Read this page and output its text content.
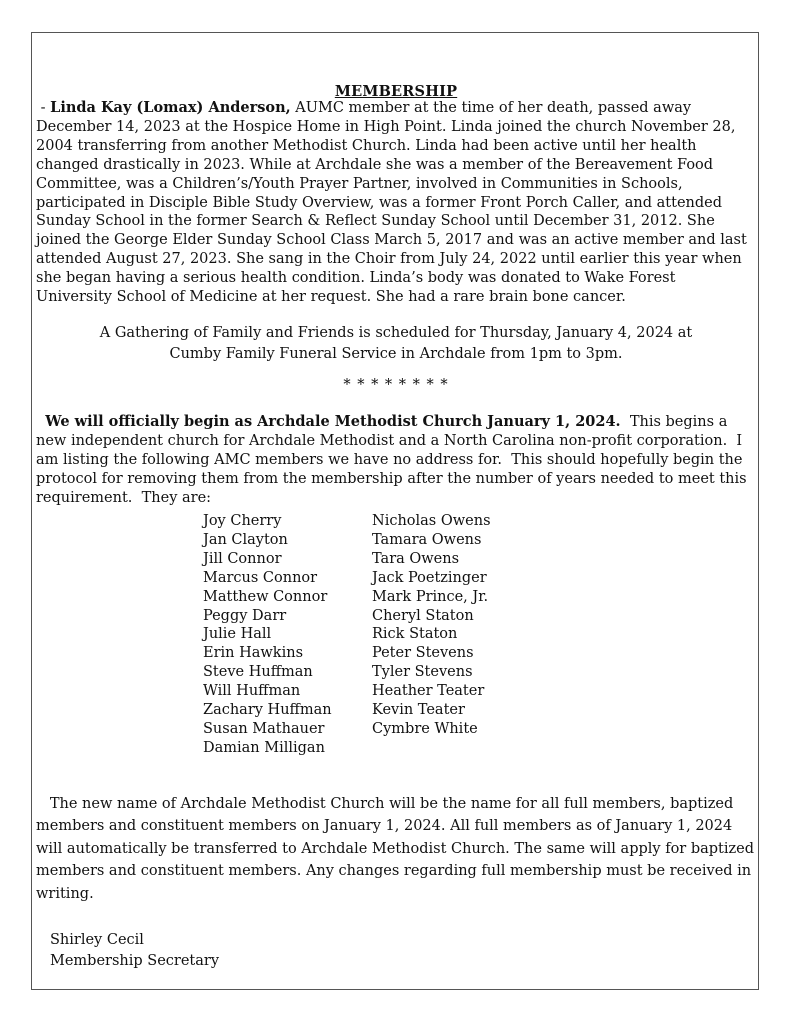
MEMBERSHIP

- Linda Kay (Lomax) Anderson, AUMC member at the time of her death, passed away December 14, 2023 at the Hospice Home in High Point. Linda joined the church November 28, 2004 transferring from another Methodist Church. Linda had been active until her health changed drastically in 2023. While at Archdale she was a member of the Bereavement Food Committee, was a Children’s/Youth Prayer Partner, involved in Communities in Schools, participated in Disciple Bible Study Overview, was a former Front Porch Caller, and attended Sunday School in the former Search & Reflect Sunday School until December 31, 2012. She joined the George Elder Sunday School Class March 5, 2017 and was an active member and last attended August 27, 2023. She sang in the Choir from July 24, 2022 until earlier this year when she began having a serious health condition. Linda’s body was donated to Wake Forest University School of Medicine at her request. She had a rare brain bone cancer.

A Gathering of Family and Friends is scheduled for Thursday, January 4, 2024 at
Cumby Family Funeral Service in Archdale from 1pm to 3pm.
* * * * * * * *

We will officially begin as Archdale Methodist Church January 1, 2024.  This begins a new independent church for Archdale Methodist and a North Carolina non-profit corporation.  I am listing the following AMC members we have no address for.  This should hopefully begin the protocol for removing them from the membership after the number of years needed to meet this requirement.  They are:

Joy Cherry
Jan Clayton
Jill Connor
Marcus Connor
Matthew Connor
Peggy Darr
Julie Hall
Erin Hawkins
Steve Huffman
Will Huffman
Zachary Huffman
Susan Mathauer
Damian Milligan
Nicholas Owens
Tamara Owens
Tara Owens
Jack Poetzinger
Mark Prince, Jr.
Cheryl Staton
Rick Staton
Peter Stevens
Tyler Stevens
Heather Teater
Kevin Teater
Cymbre White

The new name of Archdale Methodist Church will be the name for all full members, baptized members and constituent members on January 1, 2024. All full members as of January 1, 2024 will automatically be transferred to Archdale Methodist Church. The same will apply for baptized members and constituent members. Any changes regarding full membership must be received in writing.

Shirley Cecil
Membership Secretary
